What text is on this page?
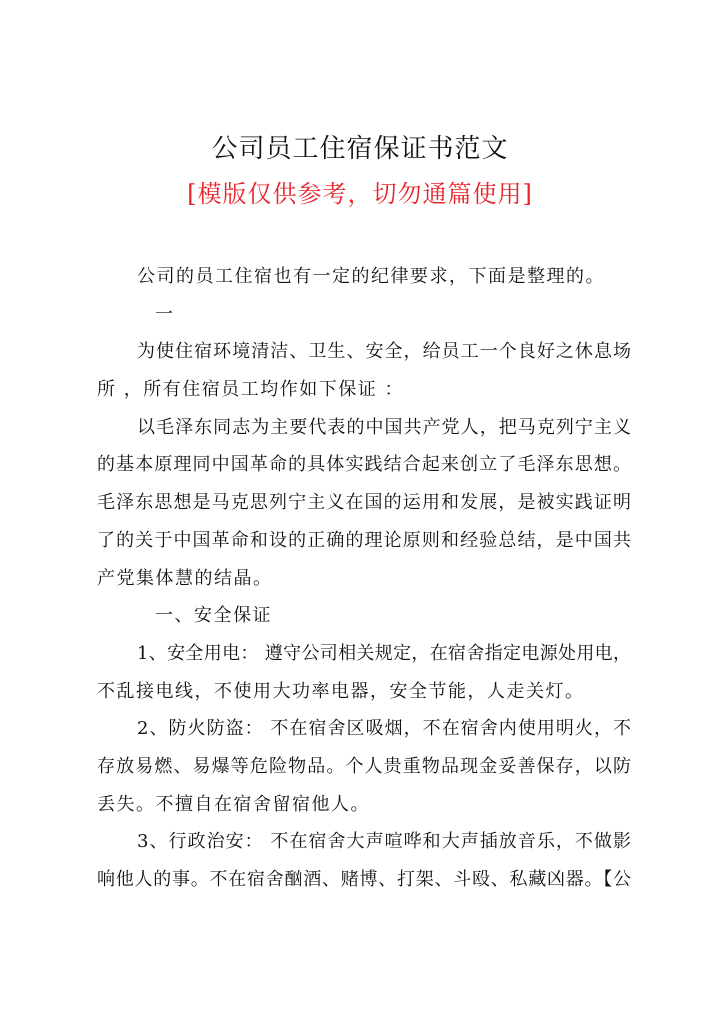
公司员工住宿保证书范文
[模版仅供参考，切勿通篇使用]
公司的员工住宿也有一定的纪律要求，下面是整理的。
一
为使住宿环境清洁、卫生、安全，给员工一个良好之休息场
所 ，所有住宿员工均作如下保证 ：
以毛泽东同志为主要代表的中国共产党人，把马克列宁主义
的基本原理同中国革命的具体实践结合起来创立了毛泽东思想。
毛泽东思想是马克思列宁主义在国的运用和发展，是被实践证明
了的关于中国革命和设的正确的理论原则和经验总结，是中国共
产党集体慧的结晶。
一、安全保证
1、安全用电： 遵守公司相关规定，在宿舍指定电源处用电，
不乱接电线，不使用大功率电器，安全节能，人走关灯。
2、防火防盗： 不在宿舍区吸烟，不在宿舍内使用明火，不
存放易燃、易爆等危险物品。个人贵重物品现金妥善保存，以防
丢失。不擅自在宿舍留宿他人。
3、行政治安： 不在宿舍大声喧哗和大声插放音乐，不做影
响他人的事。不在宿舍酗酒、赌博、打架、斗殴、私藏凶器。【公
